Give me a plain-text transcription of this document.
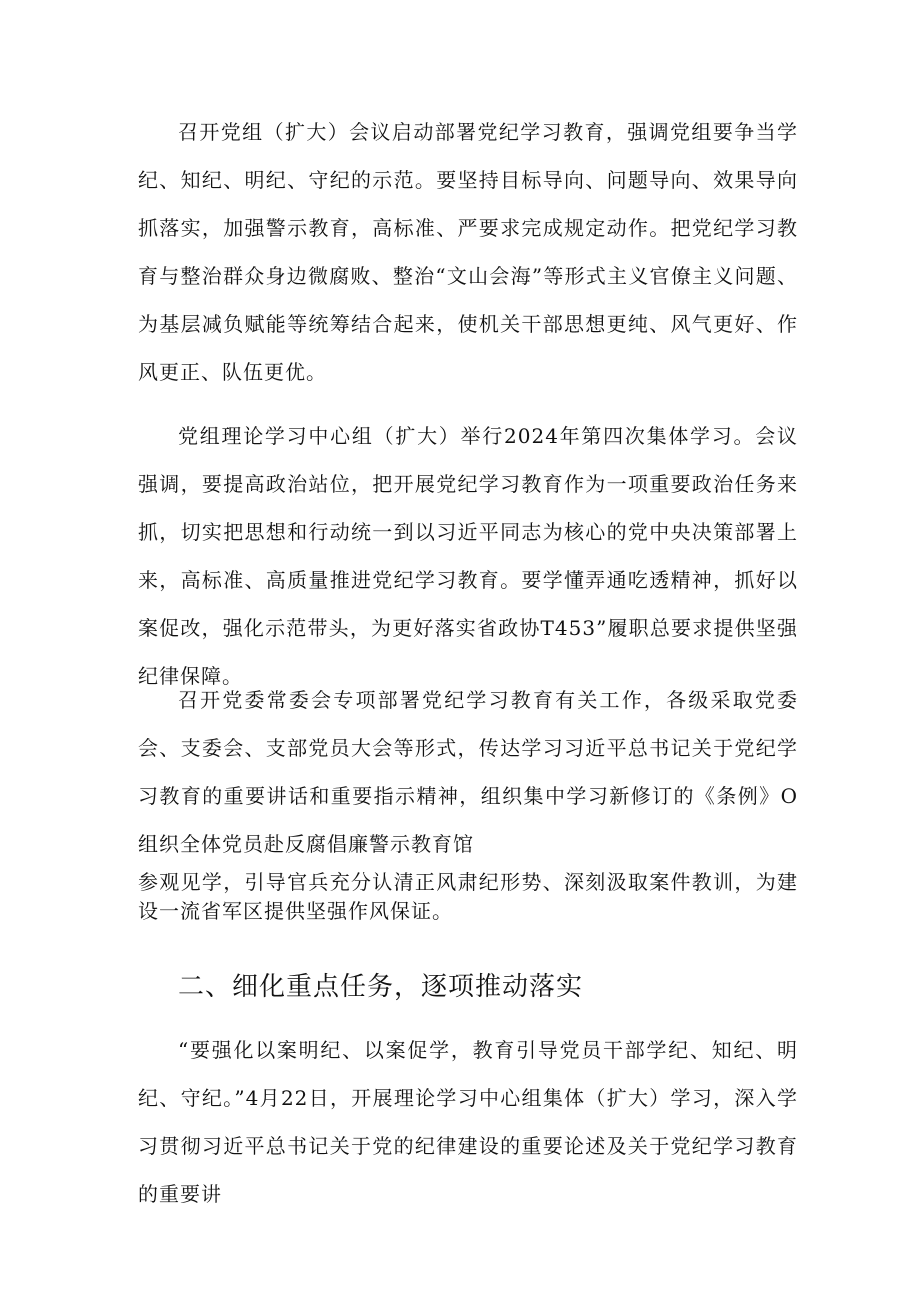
召开党组（扩大）会议启动部署党纪学习教育，强调党组要争当学纪、知纪、明纪、守纪的示范。要坚持目标导向、问题导向、效果导向抓落实，加强警示教育，高标准、严要求完成规定动作。把党纪学习教育与整治群众身边微腐败、整治“文山会海”等形式主义官僚主义问题、为基层减负赋能等统筹结合起来，使机关干部思想更纯、风气更好、作风更正、队伍更优。

党组理论学习中心组（扩大）举行2024年第四次集体学习。会议强调，要提高政治站位，把开展党纪学习教育作为一项重要政治任务来抓，切实把思想和行动统一到以习近平同志为核心的党中央决策部署上来，高标准、高质量推进党纪学习教育。要学懂弄通吃透精神，抓好以案促改，强化示范带头，为更好落实省政协T453”履职总要求提供坚强纪律保障。

召开党委常委会专项部署党纪学习教育有关工作，各级采取党委会、支委会、支部党员大会等形式，传达学习习近平总书记关于党纪学习教育的重要讲话和重要指示精神，组织集中学习新修订的《条例》O组织全体党员赴反腐倡廉警示教育馆

参观见学，引导官兵充分认清正风肃纪形势、深刻汲取案件教训，为建设一流省军区提供坚强作风保证。

二、细化重点任务，逐项推动落实

“要强化以案明纪、以案促学，教育引导党员干部学纪、知纪、明纪、守纪。”4月22日，开展理论学习中心组集体（扩大）学习，深入学习贯彻习近平总书记关于党的纪律建设的重要论述及关于党纪学习教育的重要讲
